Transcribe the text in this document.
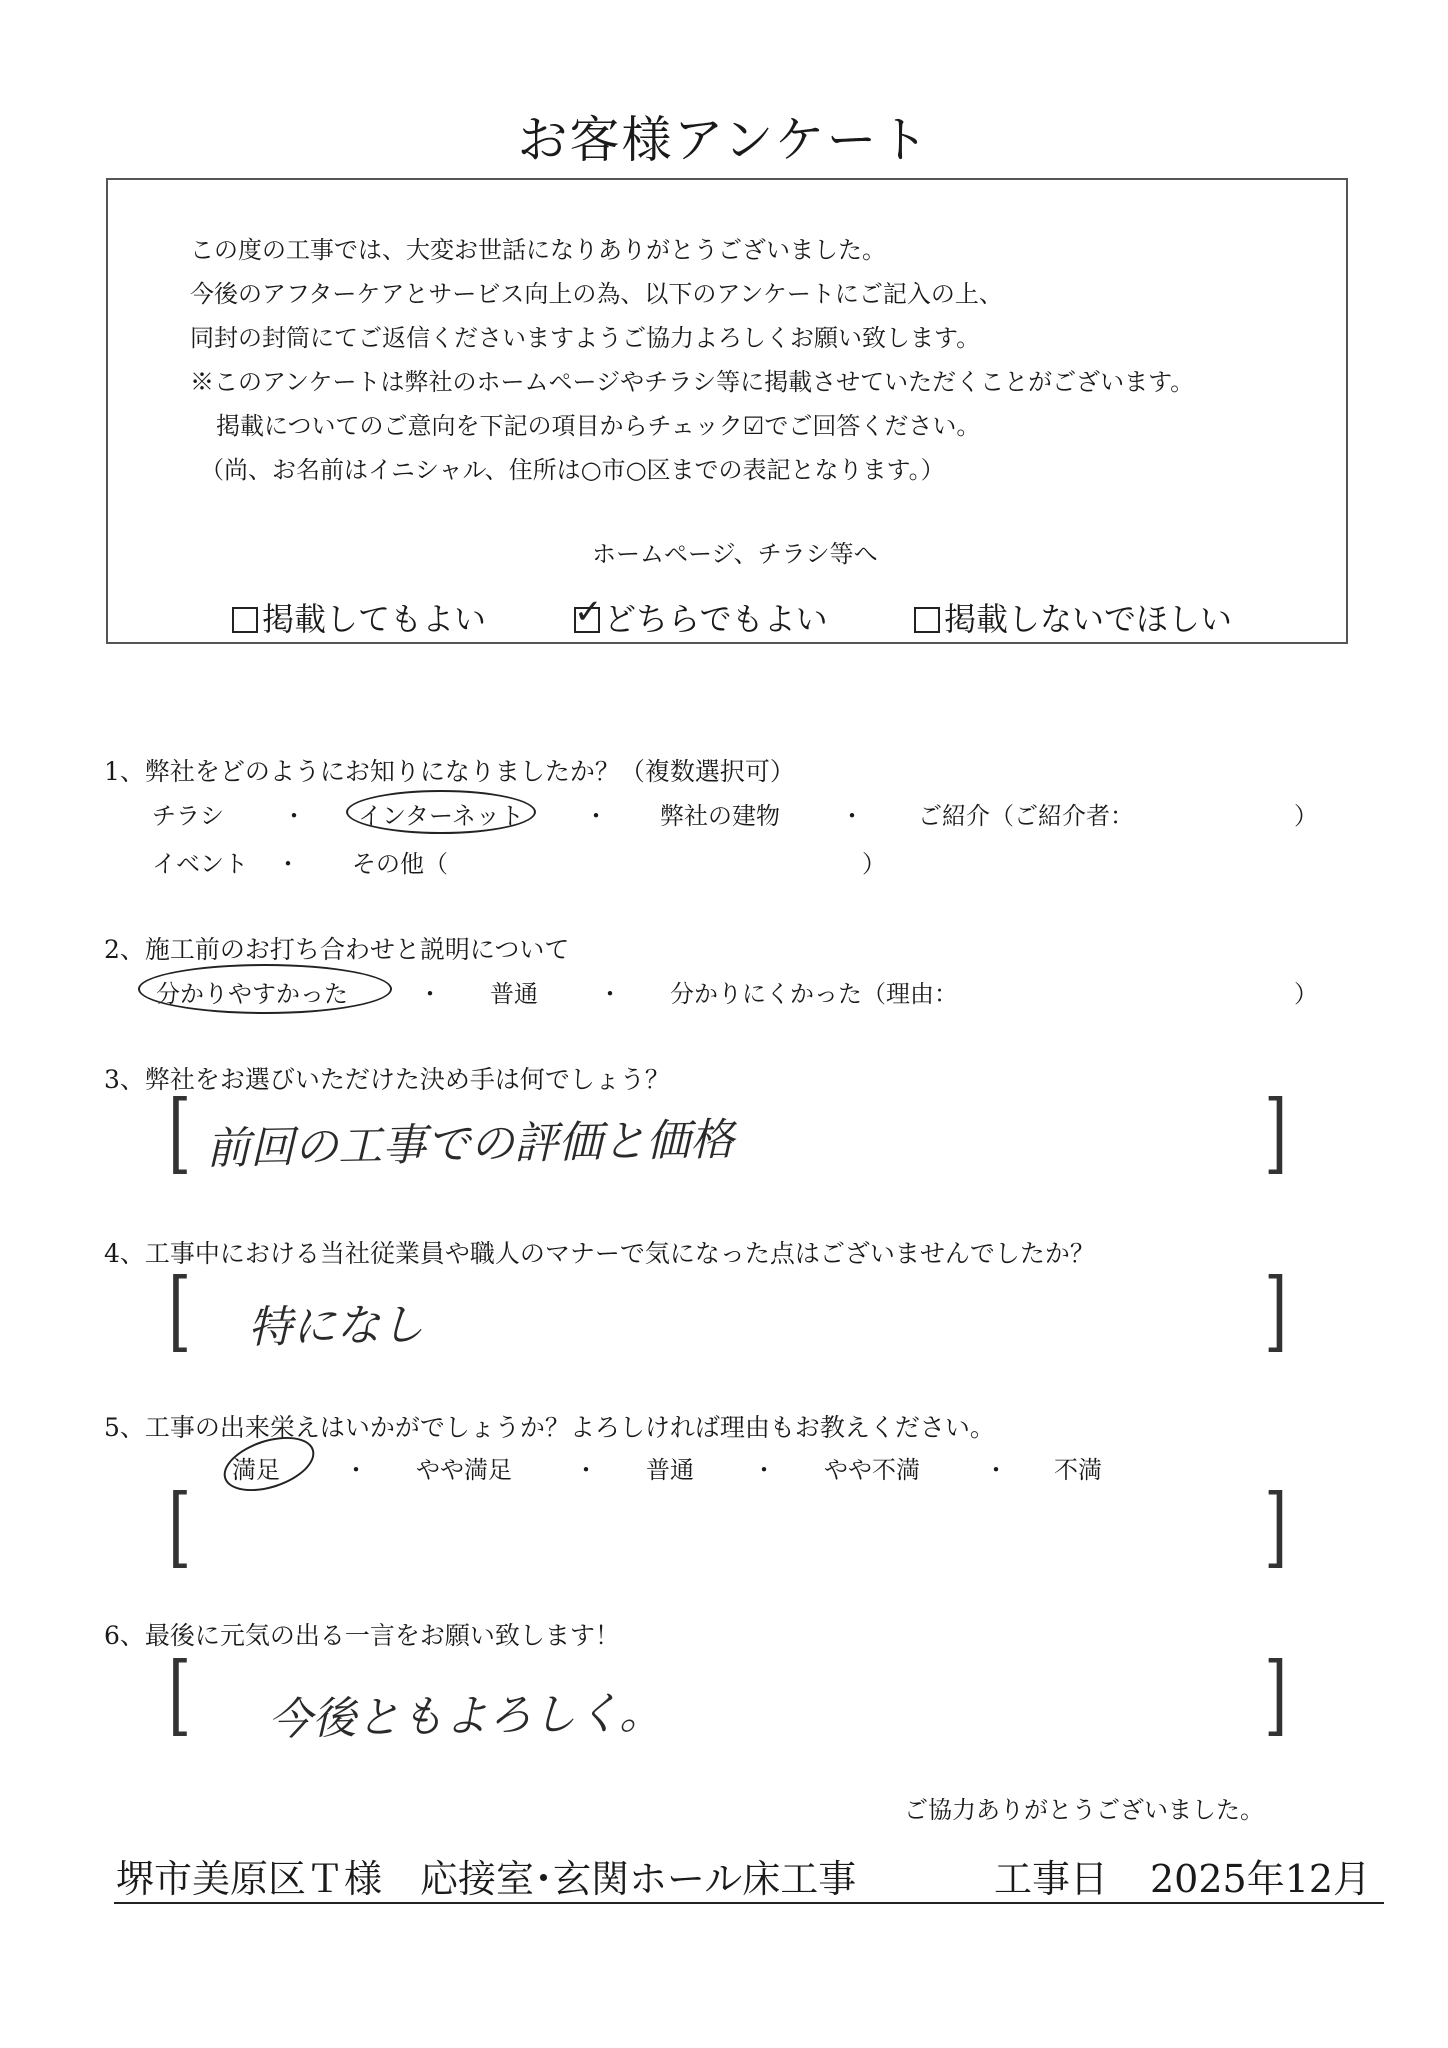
お客様アンケート
この度の工事では、大変お世話になりありがとうございました。
今後のアフターケアとサービス向上の為、以下のアンケートにご記入の上、
同封の封筒にてご返信くださいますようご協力よろしくお願い致します。
※このアンケートは弊社のホームページやチラシ等に掲載させていただくことがございます。
掲載についてのご意向を下記の項目からチェック☑でご回答ください。
（尚、お名前はイニシャル、住所は○市○区までの表記となります。）
ホームページ、チラシ等へ
掲載してもよい	✓ どちらでもよい	掲載しないでほしい
1、弊社をどのようにお知りになりましたか？（複数選択可）
チラシ ・ インターネット	・ 弊社の建物	・ ご紹介（ご紹介者：	）
イベント ・ その他（	）
2、施工前のお打ち合わせと説明について
分かりやすかった	・ 普通	・ 分かりにくかった（理由：	）
3、弊社をお選びいただけた決め手は何でしょう？
[ 前回の工事での評価と価格	]
4、工事中における当社従業員や職人のマナーで気になった点はございませんでしたか？
[ 特になし	]
5、工事の出来栄えはいかがでしょうか？よろしければ理由もお教えください。
満足	・ やや満足	・ 普通 ・ やや不満	・ 不満
[	]
6、最後に元気の出る一言をお願い致します！
[ 今後ともよろしく。	]
ご協力ありがとうございました。
堺市美原区Ｔ様　応接室･玄関ホール床工事	工事日 2025年12月
